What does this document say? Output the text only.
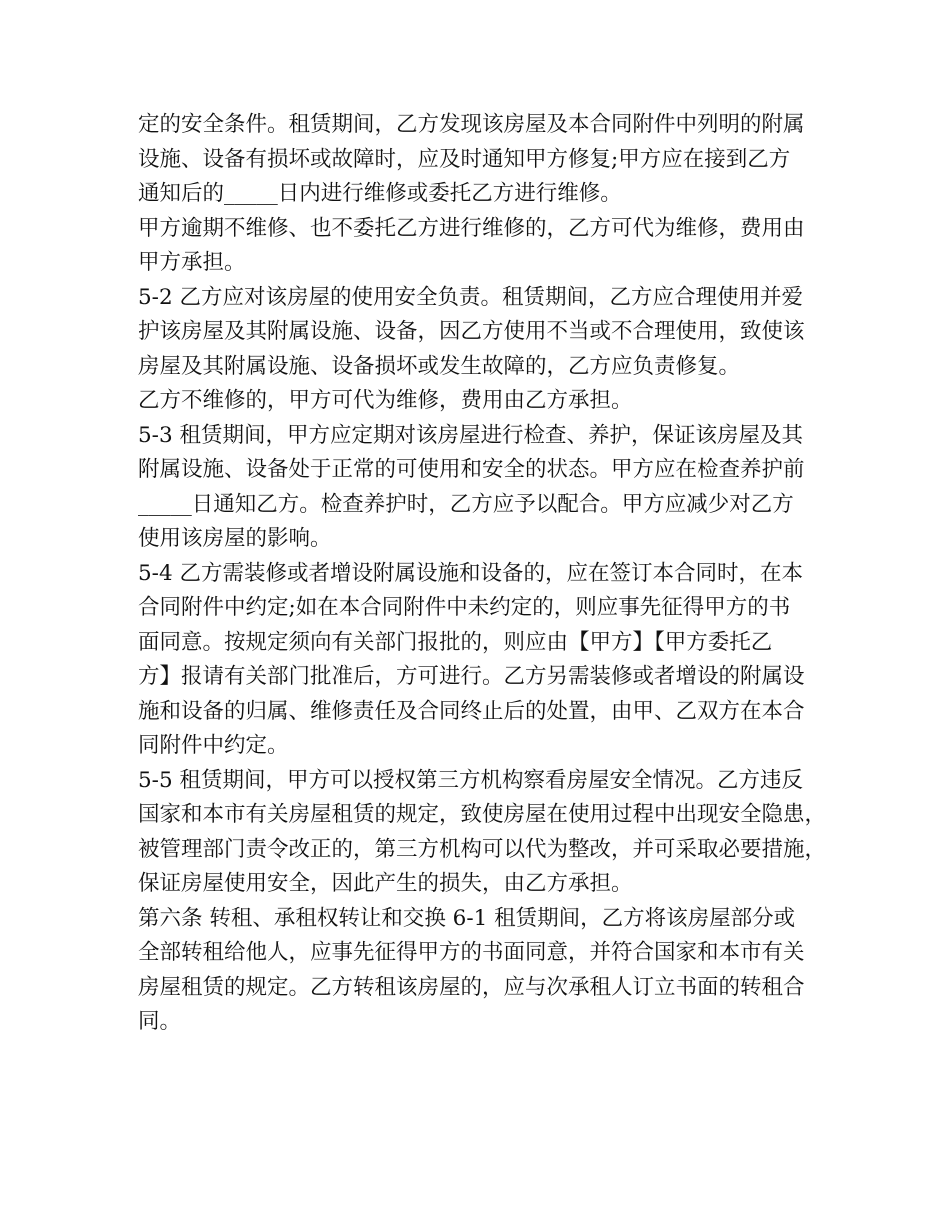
定的安全条件。租赁期间，乙方发现该房屋及本合同附件中列明的附属
设施、设备有损坏或故障时，应及时通知甲方修复;甲方应在接到乙方
通知后的_____日内进行维修或委托乙方进行维修。
甲方逾期不维修、也不委托乙方进行维修的，乙方可代为维修，费用由
甲方承担。
5-2 乙方应对该房屋的使用安全负责。租赁期间，乙方应合理使用并爱
护该房屋及其附属设施、设备，因乙方使用不当或不合理使用，致使该
房屋及其附属设施、设备损坏或发生故障的，乙方应负责修复。
乙方不维修的，甲方可代为维修，费用由乙方承担。
5-3 租赁期间，甲方应定期对该房屋进行检查、养护，保证该房屋及其
附属设施、设备处于正常的可使用和安全的状态。甲方应在检查养护前
_____日通知乙方。检查养护时，乙方应予以配合。甲方应减少对乙方
使用该房屋的影响。
5-4 乙方需装修或者增设附属设施和设备的，应在签订本合同时，在本
合同附件中约定;如在本合同附件中未约定的，则应事先征得甲方的书
面同意。按规定须向有关部门报批的，则应由【甲方】【甲方委托乙
方】报请有关部门批准后，方可进行。乙方另需装修或者增设的附属设
施和设备的归属、维修责任及合同终止后的处置，由甲、乙双方在本合
同附件中约定。
5-5 租赁期间，甲方可以授权第三方机构察看房屋安全情况。乙方违反
国家和本市有关房屋租赁的规定，致使房屋在使用过程中出现安全隐患，
被管理部门责令改正的，第三方机构可以代为整改，并可采取必要措施，
保证房屋使用安全，因此产生的损失，由乙方承担。
第六条 转租、承租权转让和交换 6-1 租赁期间，乙方将该房屋部分或
全部转租给他人，应事先征得甲方的书面同意，并符合国家和本市有关
房屋租赁的规定。乙方转租该房屋的，应与次承租人订立书面的转租合
同。
